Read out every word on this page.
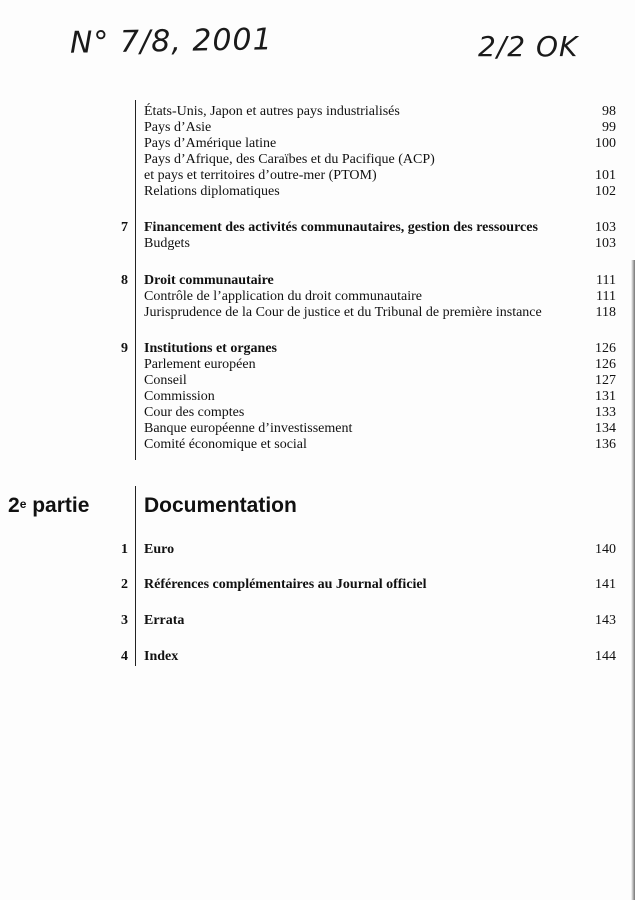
N° 7/8, 2001	2/2 OK
États-Unis, Japon et autres pays industrialisés	98
Pays d’Asie	99
Pays d’Amérique latine	100
Pays d’Afrique, des Caraïbes et du Pacifique (ACP)
et pays et territoires d’outre-mer (PTOM)	101
Relations diplomatiques	102
7 Financement des activités communautaires, gestion des ressources	103
Budgets	103
8 Droit communautaire	111
Contrôle de l’application du droit communautaire	111
Jurisprudence de la Cour de justice et du Tribunal de première instance	118
9 Institutions et organes	126
Parlement européen	126
Conseil	127
Commission	131
Cour des comptes	133
Banque européenne d’investissement	134
Comité économique et social	136
2e partie	Documentation
1 Euro	140
2 Références complémentaires au Journal officiel	141
3 Errata	143
4 Index	144
